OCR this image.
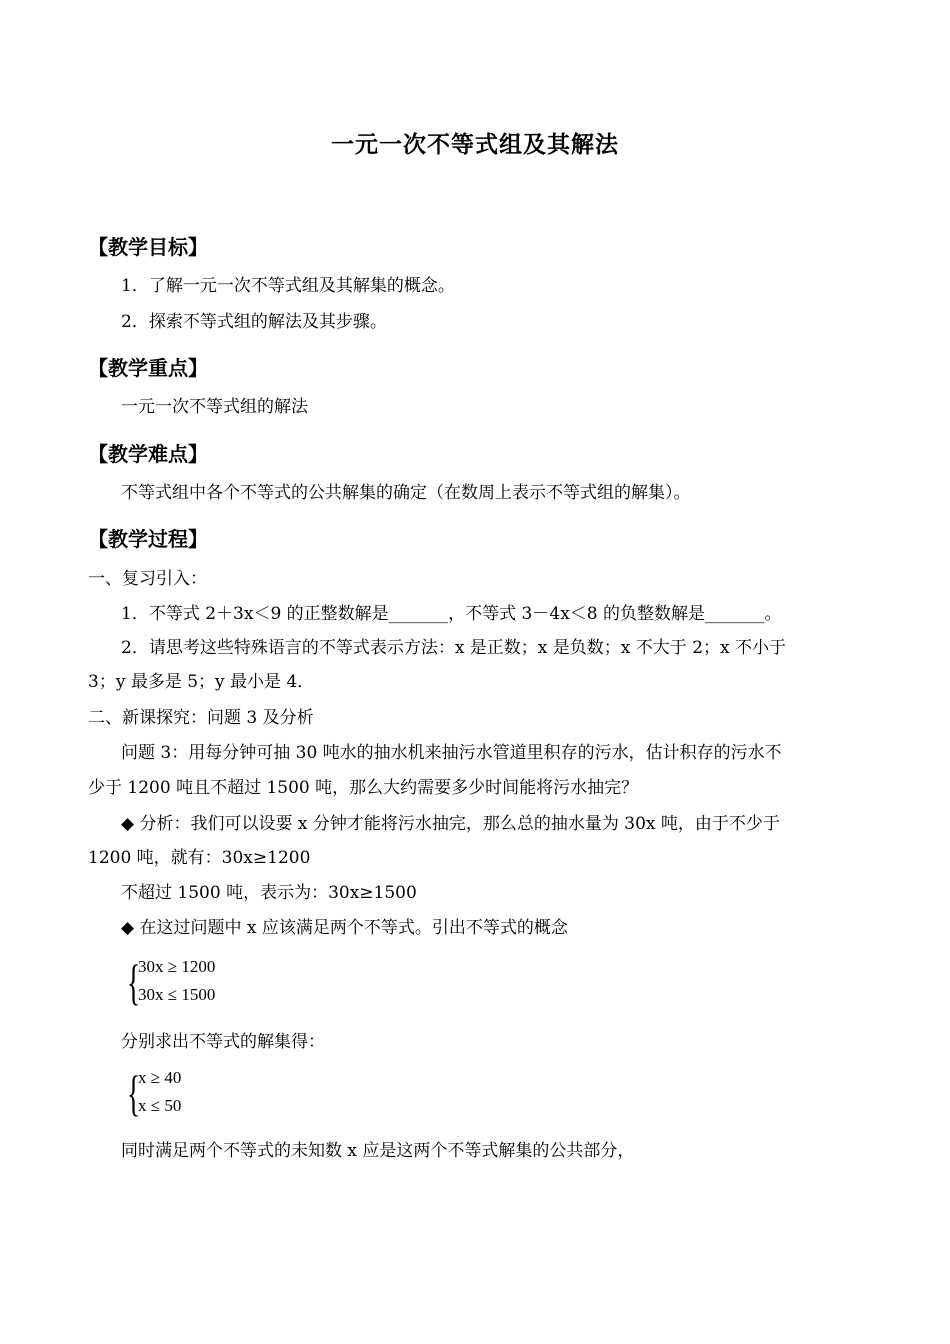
一元一次不等式组及其解法
【教学目标】
1．了解一元一次不等式组及其解集的概念。
2．探索不等式组的解法及其步骤。
【教学重点】
一元一次不等式组的解法
【教学难点】
不等式组中各个不等式的公共解集的确定（在数周上表示不等式组的解集）。
【教学过程】
一、复习引入：
1．不等式 2＋3x＜9 的正整数解是_______，不等式 3－4x＜8 的负整数解是_______。
2．请思考这些特殊语言的不等式表示方法：x 是正数；x 是负数；x 不大于 2；x 不小于
3；y 最多是 5；y 最小是 4．
二、新课探究：问题 3 及分析
问题 3：用每分钟可抽 30 吨水的抽水机来抽污水管道里积存的污水，估计积存的污水不
少于 1200 吨且不超过 1500 吨，那么大约需要多少时间能将污水抽完？
◆ 分析：我们可以设要 x 分钟才能将污水抽完，那么总的抽水量为 30x 吨，由于不少于
1200 吨，就有：30x≥1200
不超过 1500 吨，表示为：30x≥1500
◆ 在这过问题中 x 应该满足两个不等式。引出不等式的概念
{
30x ≥ 1200
30x ≤ 1500
分别求出不等式的解集得：
{
x ≥ 40
x ≤ 50
同时满足两个不等式的未知数 x 应是这两个不等式解集的公共部分，
